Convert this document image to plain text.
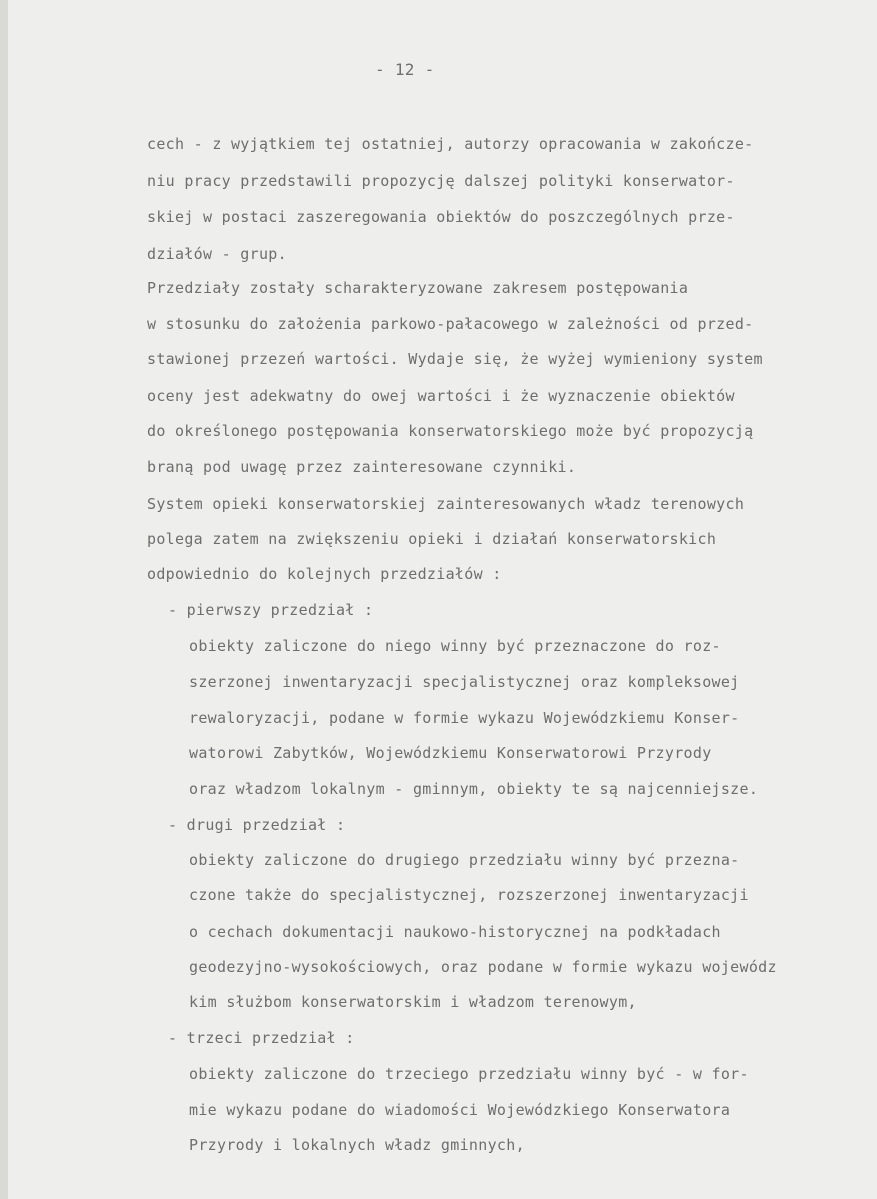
- 12 -
cech - z wyjątkiem tej ostatniej, autorzy opracowania w zakończe-
niu pracy przedstawili propozycję dalszej polityki konserwator-
skiej w postaci zaszeregowania obiektów do poszczególnych prze-
działów - grup.
Przedziały zostały scharakteryzowane zakresem postępowania
w stosunku do założenia parkowo-pałacowego w zależności od przed-
stawionej przezeń wartości. Wydaje się, że wyżej wymieniony system
oceny jest adekwatny do owej wartości i że wyznaczenie obiektów
do określonego postępowania konserwatorskiego może być propozycją
braną pod uwagę przez zainteresowane czynniki.
System opieki konserwatorskiej zainteresowanych władz terenowych
polega zatem na zwiększeniu opieki i działań konserwatorskich
odpowiednio do kolejnych przedziałów :
- pierwszy przedział :
obiekty zaliczone do niego winny być przeznaczone do roz-
szerzonej inwentaryzacji specjalistycznej oraz kompleksowej
rewaloryzacji, podane w formie wykazu Wojewódzkiemu Konser-
watorowi Zabytków, Wojewódzkiemu Konserwatorowi Przyrody
oraz władzom lokalnym - gminnym, obiekty te są najcenniejsze.
- drugi przedział :
obiekty zaliczone do drugiego przedziału winny być przezna-
czone także do specjalistycznej, rozszerzonej inwentaryzacji
o cechach dokumentacji naukowo-historycznej na podkładach
geodezyjno-wysokościowych, oraz podane w formie wykazu wojewódz
kim służbom konserwatorskim i władzom terenowym,
- trzeci przedział :
obiekty zaliczone do trzeciego przedziału winny być - w for-
mie wykazu podane do wiadomości Wojewódzkiego Konserwatora
Przyrody i lokalnych władz gminnych,
